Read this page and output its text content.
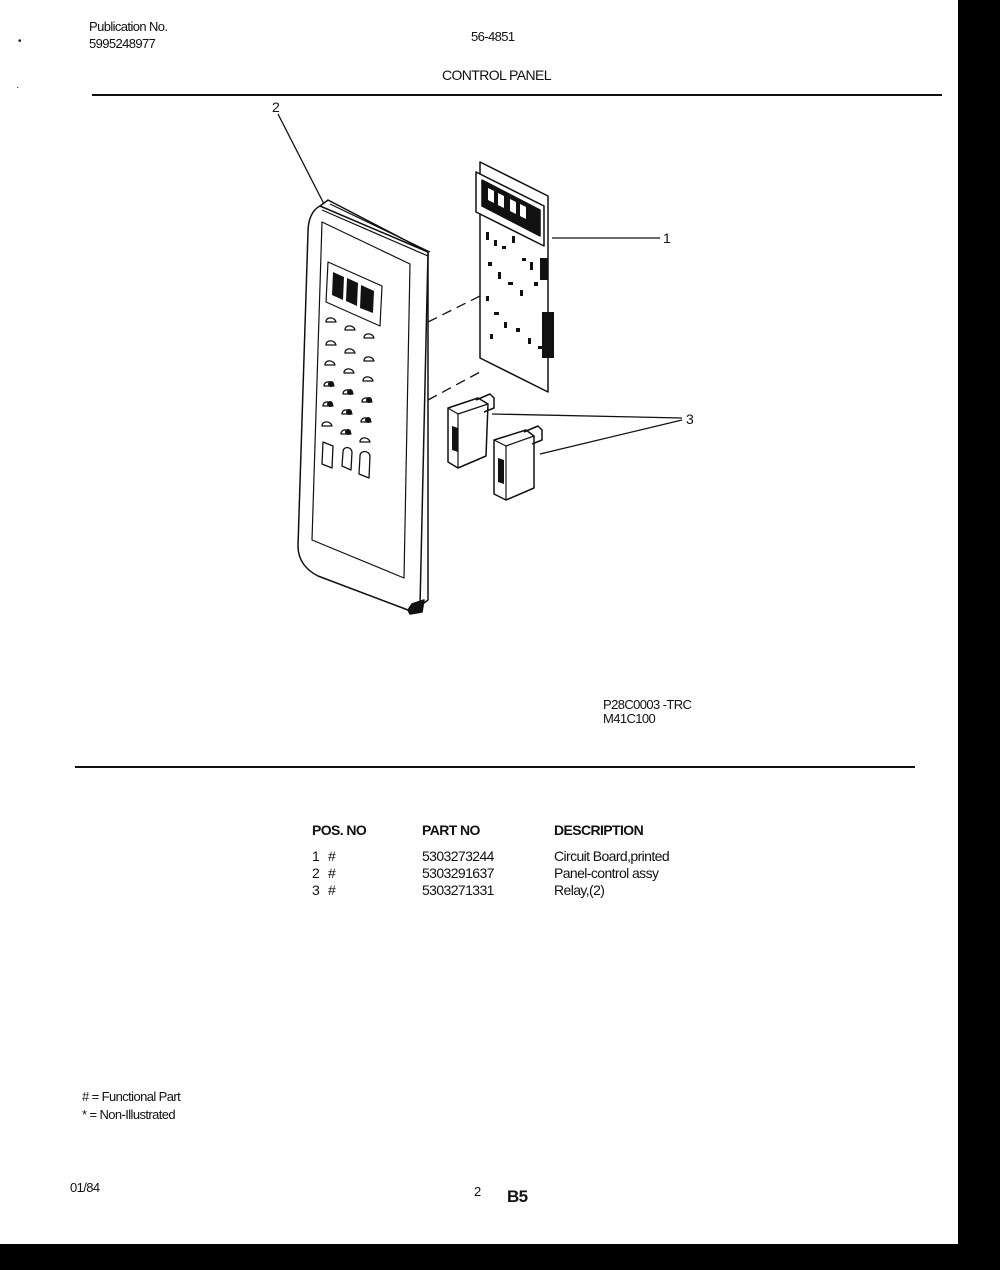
Publication No.
5995248977	56-4851
CONTROL PANEL
1
2
3
P28C0003 -TRC
M41C100
POS. NO	PART NO	DESCRIPTION
1 #	5303273244	Circuit Board,printed
2 #	5303291637	Panel-control assy
3 #	5303271331	Relay,(2)
# = Functional Part
* = Non-Illustrated
01/84	2 B5
•
·
